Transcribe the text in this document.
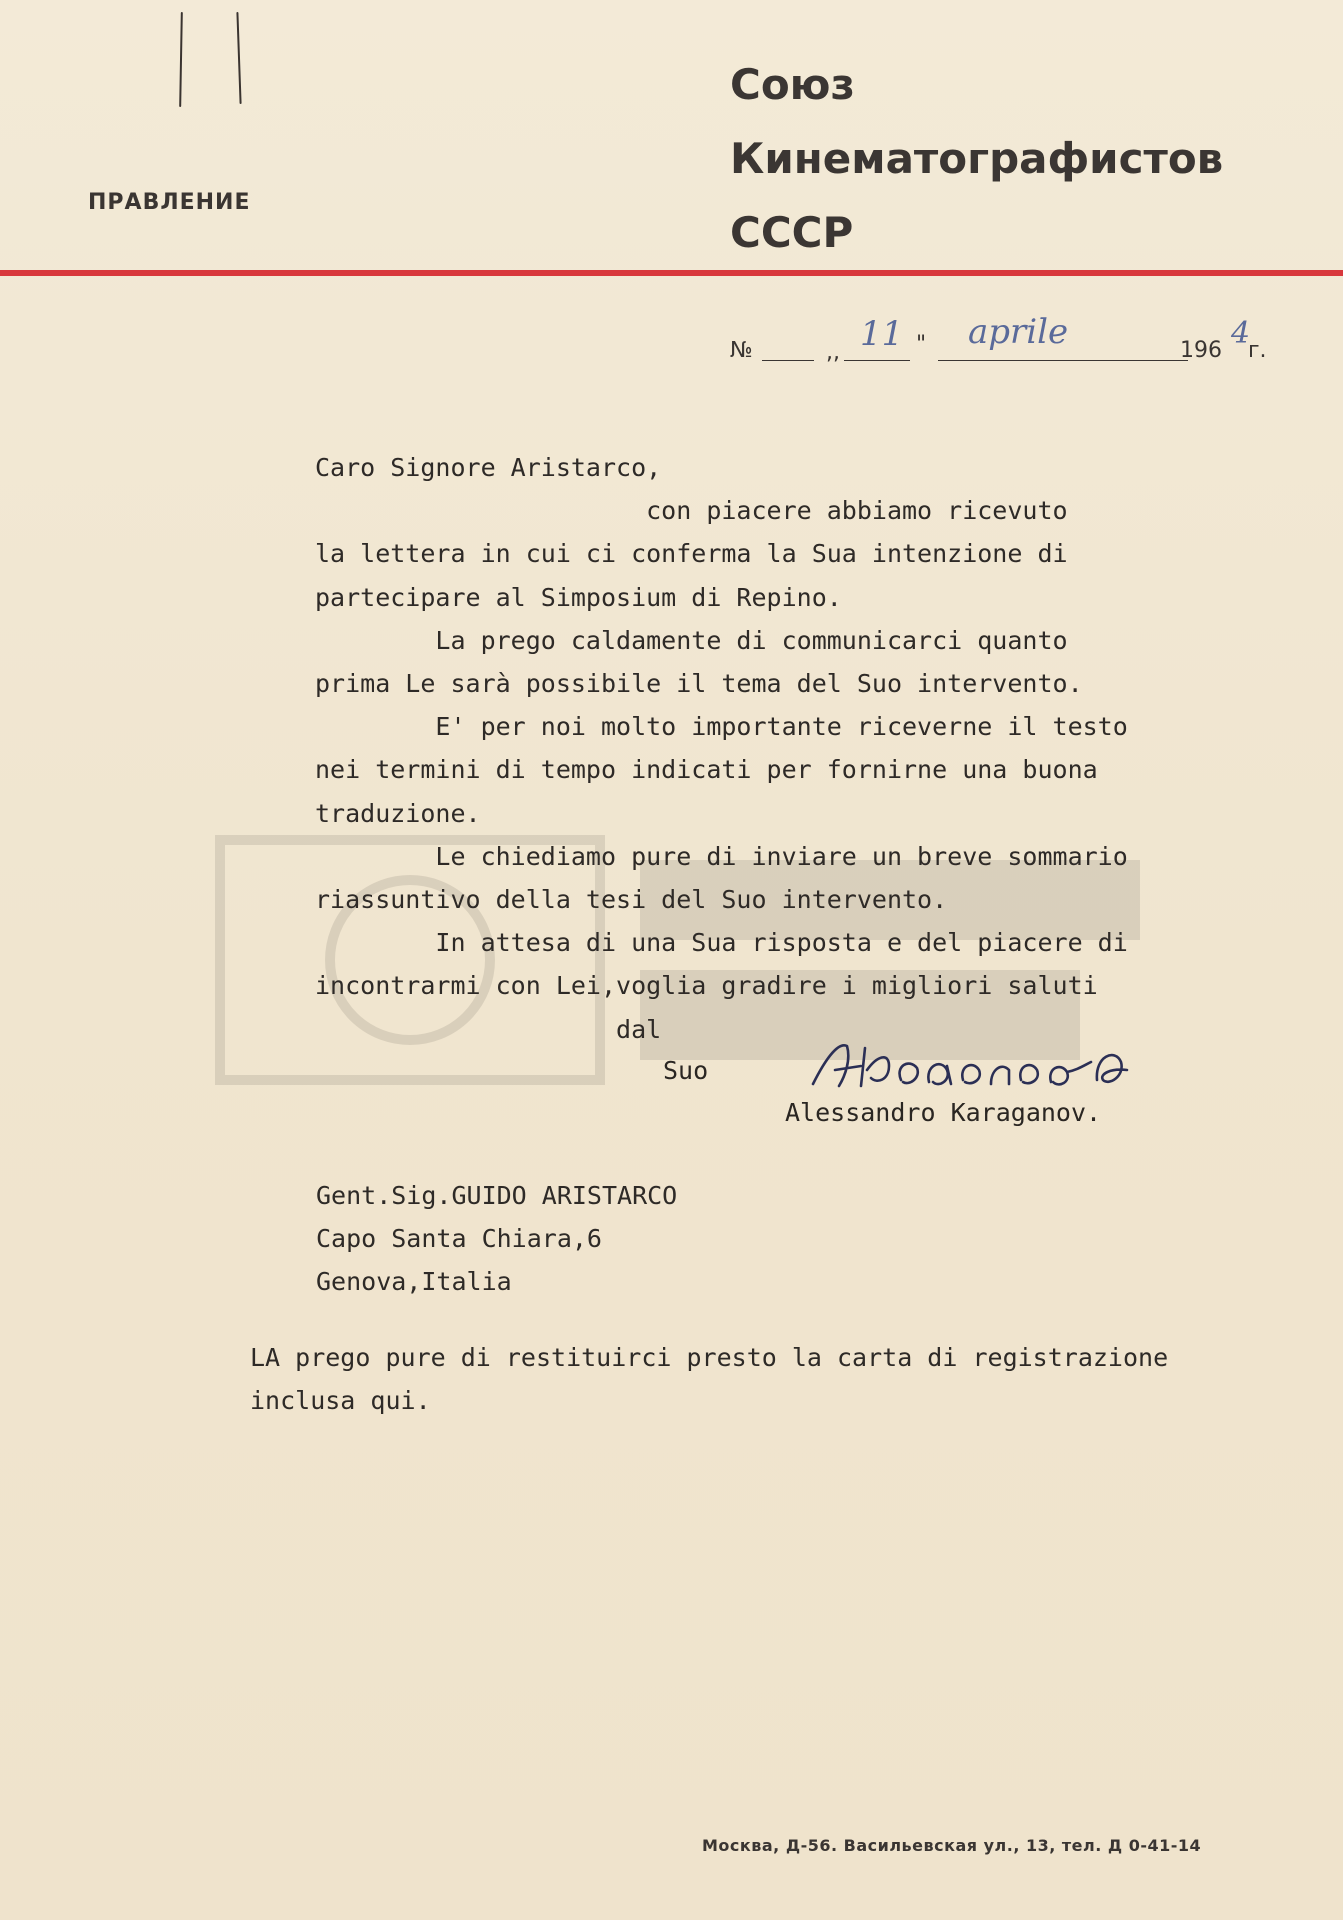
ПРАВЛЕНИЕ
Союз
Кинематографистов
СССР
№	,, 11 " aprile	196 4
г.
Caro Signore Aristarco,
con piacere abbiamo ricevuto
la lettera in cui ci conferma la Sua intenzione di
partecipare al Simposium di Repino.
La prego caldamente di communicarci quanto
prima Le sarà possibile il tema del Suo intervento.
E' per noi molto importante riceverne il testo
nei termini di tempo indicati per fornirne una buona
traduzione.
Le chiediamo pure di inviare un breve sommario
riassuntivo della tesi del Suo intervento.
In attesa di una Sua risposta e del piacere di
incontrarmi con Lei,voglia gradire i migliori saluti
dal
Suo
Alessandro Karaganov.
Gent.Sig.GUIDO ARISTARCO
Capo Santa Chiara,6
Genova,Italia
LA prego pure di restituirci presto la carta di registrazione
inclusa qui.
Москва, Д-56. Васильевская ул., 13, тел. Д 0-41-14
